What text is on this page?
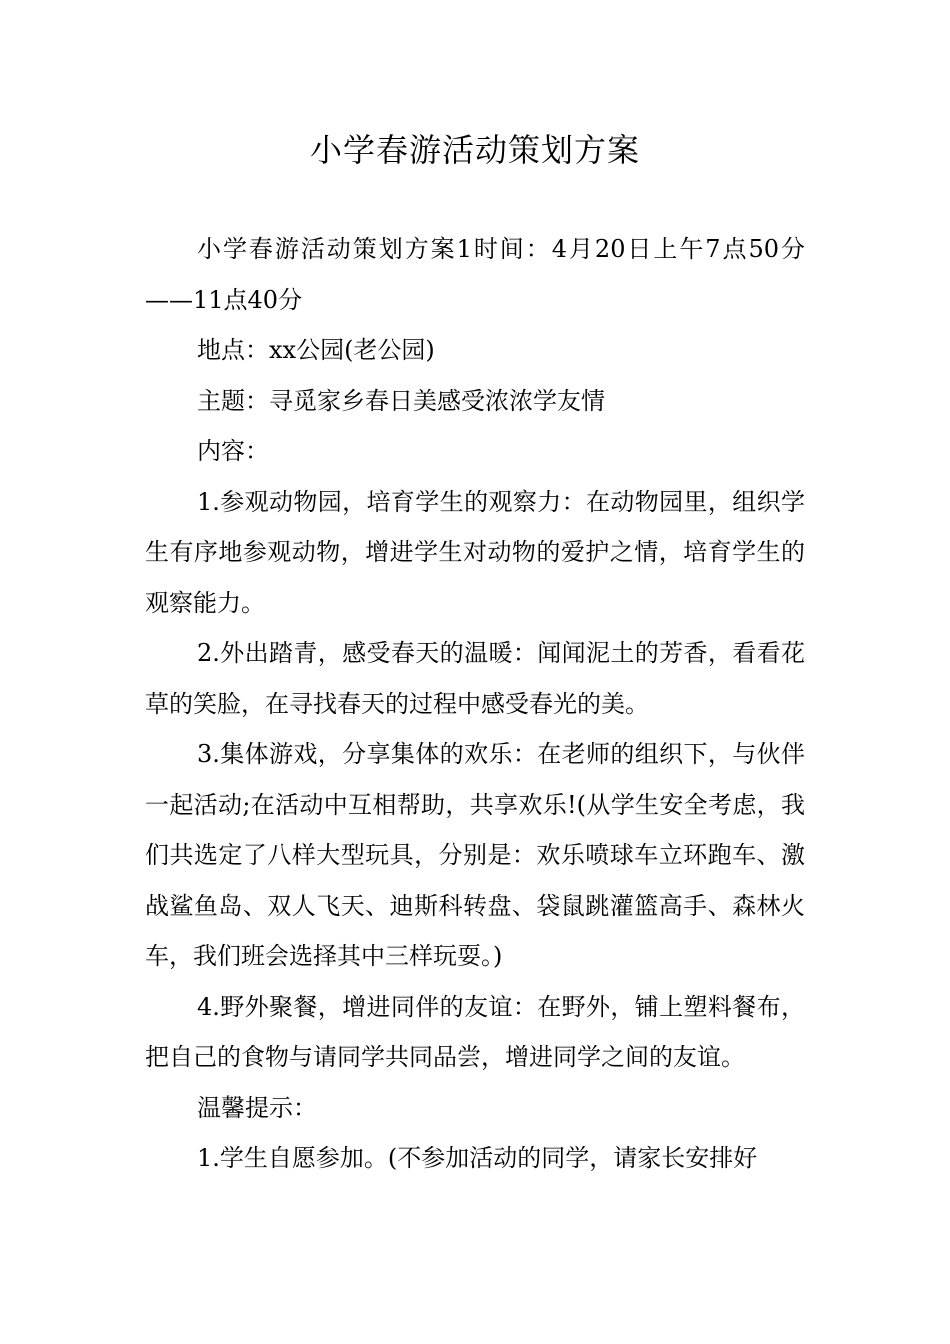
小学春游活动策划方案

小学春游活动策划方案1时间：4月20日上午7点50分——11点40分

地点：xx公园(老公园)

主题：寻觅家乡春日美感受浓浓学友情

内容：

1.参观动物园，培育学生的观察力：在动物园里，组织学生有序地参观动物，增进学生对动物的爱护之情，培育学生的观察能力。

2.外出踏青，感受春天的温暖：闻闻泥土的芳香，看看花草的笑脸，在寻找春天的过程中感受春光的美。

3.集体游戏，分享集体的欢乐：在老师的组织下，与伙伴一起活动;在活动中互相帮助，共享欢乐!(从学生安全考虑，我们共选定了八样大型玩具，分别是：欢乐喷球车立环跑车、激战鲨鱼岛、双人飞天、迪斯科转盘、袋鼠跳灌篮高手、森林火车，我们班会选择其中三样玩耍。)

4.野外聚餐，增进同伴的友谊：在野外，铺上塑料餐布，把自己的食物与请同学共同品尝，增进同学之间的友谊。

温馨提示：

1.学生自愿参加。(不参加活动的同学，请家长安排好
